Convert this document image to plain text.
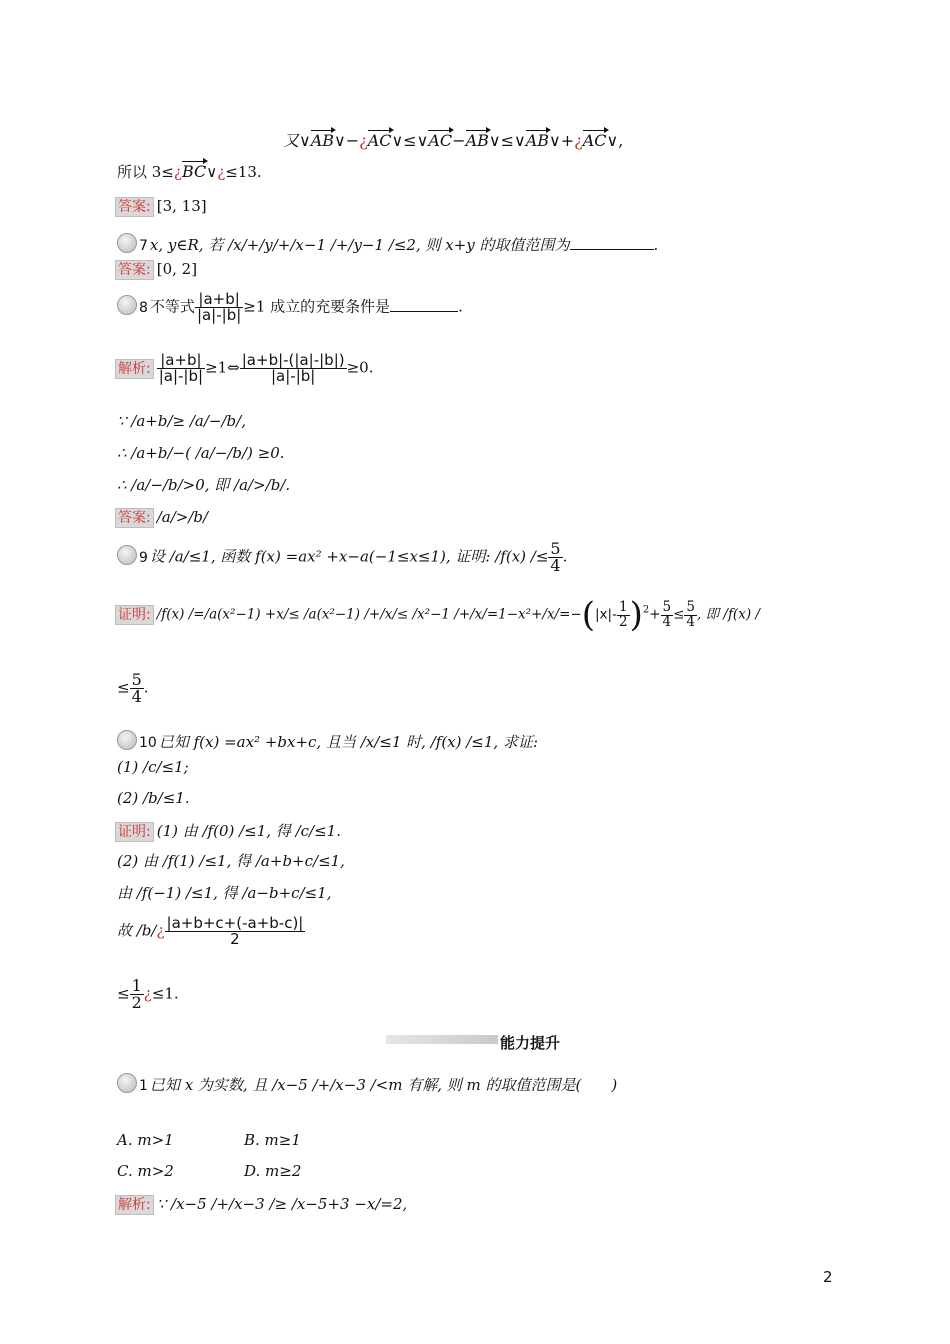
又∨AB∨−¿AC∨≤∨AC−AB∨≤∨AB∨+¿AC∨,
所以 3≤¿BC∨¿≤13.
答案: [3, 13]
7 x, y∈R, 若 /x/+/y/+/x−1 /+/y−1 /≤2, 则 x+y 的取值范围为	.
答案: [0, 2]
8 不等式 $\frac{|a+b|}{|a|-|b|} \ge 1$ 成立的充要条件是	.
解析: $\frac{|a+b|}{|a|-|b|}$ ≥1⇔ $\frac{|a+b|-(|a|-|b|)}{|a|-|b|} \ge 0$.
∵ /a+b/≥ /a/−/b/,
∴ /a+b/−( /a/−/b/) ≥0.
∴ /a/−/b/>0, 即 /a/>/b/.
答案: /a/>/b/
9 设 /a/≤1, 函数 f(x) =ax² +x−a(−1≤x≤1), 证明: $/f(x) /\le \frac{5}{4}$ .
证明: /f(x) /=/a(x²−1) +x/≤ /a(x²−1) /+/x/≤ /x²−1 $/+/x/=1-x^2+/x/=-(|x|- \frac{1}{2} )^2+ \frac{5}{4} \le \frac{5}{4}$ , 即 /f(x) /
≤ $\frac{5}{4}$ .
10 已知 f(x) =ax² +bx+c, 且当 /x/≤1 时, /f(x) /≤1, 求证:
(1) /c/≤1;
(2) /b/≤1.
证明: (1) 由 /f(0) /≤1, 得 /c/≤1.
(2) 由 /f(1) /≤1, 得 /a+b+c/≤1,
由 /f(−1) /≤1, 得 /a−b+c/≤1,
故 /b/¿ $\frac{|a+b+c+(-a+b-c)|}{2}$
≤ $\frac{1}{2}$ ¿≤1.
能力提升
1 已知 x 为实数, 且 /x−5 /+/x−3 /<m 有解, 则 m 的取值范围是(　　)
A. m>1	B. m≥1
C. m>2	D. m≥2
解析: ∵ /x−5 /+/x−3 /≥ /x−5+3 −x/=2,
2
